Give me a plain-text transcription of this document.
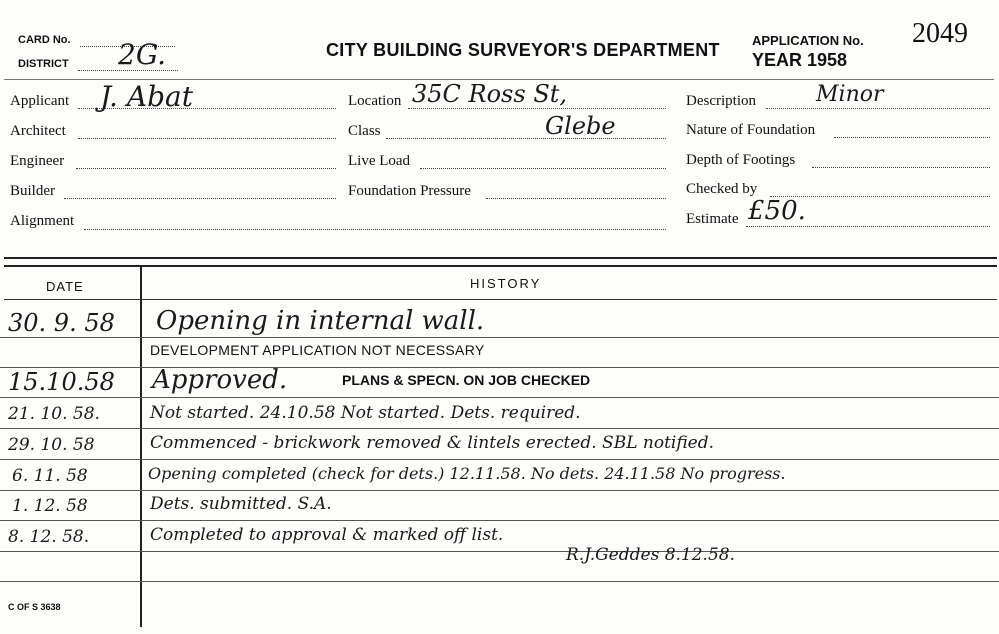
CARD No.
DISTRICT 2G.	CITY BUILDING SURVEYOR'S DEPARTMENT APPLICATION No. 2049
YEAR 1958
Applicant J. Abat
Architect
Engineer
Builder
Alignment
Location 35C Ross St,
Class	Glebe
Live Load
Foundation Pressure
Description	Minor
Nature of Foundation
Depth of Footings
Checked by
Estimate £50.
DATE	HISTORY
30. 9. 58 Opening in internal wall.
DEVELOPMENT APPLICATION NOT NECESSARY
15.10.58 Approved.	PLANS & SPECN. ON JOB CHECKED
21. 10. 58.	Not started. 24.10.58 Not started. Dets. required.
29. 10. 58	Commenced - brickwork removed & lintels erected. SBL notified.
6. 11. 58	Opening completed (check for dets.) 12.11.58. No dets. 24.11.58 No progress.
1. 12. 58	Dets. submitted. S.A.
8. 12. 58.	Completed to approval & marked off list.
R.J.Geddes 8.12.58.
C OF S 3638
